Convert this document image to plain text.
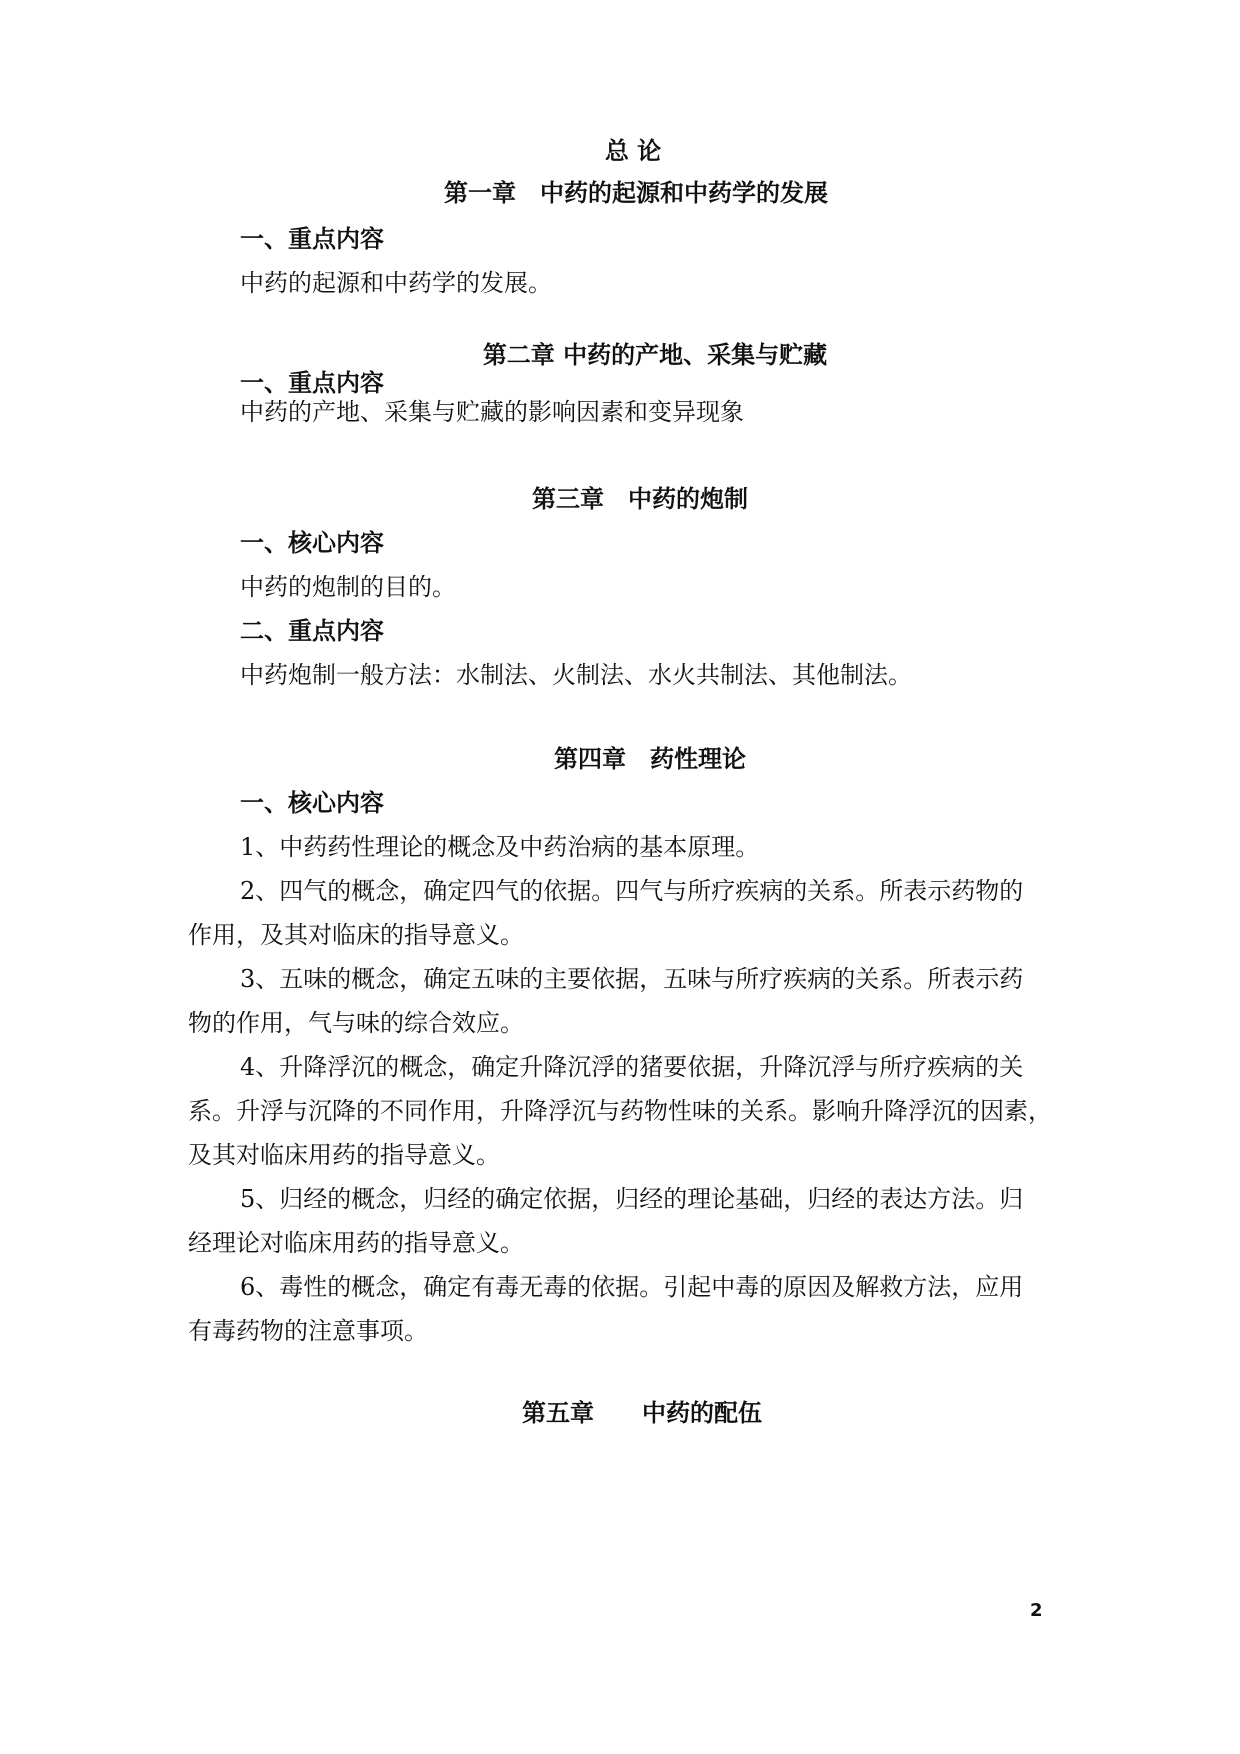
总 论
第一章　中药的起源和中药学的发展
一、重点内容
中药的起源和中药学的发展。
第二章 中药的产地、采集与贮藏
一、重点内容
中药的产地、采集与贮藏的影响因素和变异现象
第三章　中药的炮制
一、核心内容
中药的炮制的目的。
二、重点内容
中药炮制一般方法：水制法、火制法、水火共制法、其他制法。
第四章　药性理论
一、核心内容
1、中药药性理论的概念及中药治病的基本原理。
2、四气的概念，确定四气的依据。四气与所疗疾病的关系。所表示药物的
作用，及其对临床的指导意义。
3、五味的概念，确定五味的主要依据，五味与所疗疾病的关系。所表示药
物的作用，气与味的综合效应。
4、升降浮沉的概念，确定升降沉浮的猪要依据，升降沉浮与所疗疾病的关
系。升浮与沉降的不同作用，升降浮沉与药物性味的关系。影响升降浮沉的因素，
及其对临床用药的指导意义。
5、归经的概念，归经的确定依据，归经的理论基础，归经的表达方法。归
经理论对临床用药的指导意义。
6、毒性的概念，确定有毒无毒的依据。引起中毒的原因及解救方法，应用
有毒药物的注意事项。
第五章　　中药的配伍
2
